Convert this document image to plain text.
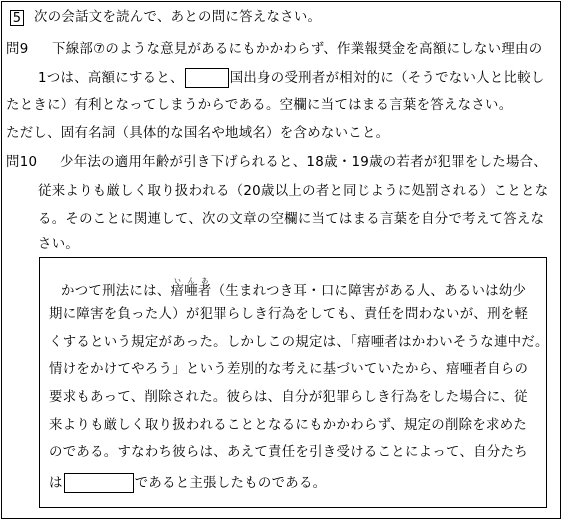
5 次の会話文を読んで、あとの問に答えなさい。
問9 下線部⑦のような意見があるにもかかわらず、作業報奨金を高額にしない理由の
1つは、高額にすると、	国出身の受刑者が相対的に（そうでない人と比較し
たときに）有利となってしまうからである。空欄に当てはまる言葉を答えなさい。
ただし、固有名詞（具体的な国名や地域名）を含めないこと。
問10 少年法の適用年齢が引き下げられると、18歳・19歳の若者が犯罪をした場合、
従来よりも厳しく取り扱われる（20歳以上の者と同じように処罰される）こととな
る。そのことに関連して、次の文章の空欄に当てはまる言葉を自分で考えて答えな
さい。
かつて刑法には、瘖唖者いんあ（生まれつき耳・口に障害がある人、あるいは幼少
期に障害を負った人）が犯罪らしき行為をしても、責任を問わないが、刑を軽
くするという規定があった。しかしこの規定は、「瘖唖者はかわいそうな連中だ。
情けをかけてやろう」という差別的な考えに基づいていたから、瘖唖者自らの
要求もあって、削除された。彼らは、自分が犯罪らしき行為をした場合に、従
来よりも厳しく取り扱われることとなるにもかかわらず、規定の削除を求めた
のである。すなわち彼らは、あえて責任を引き受けることによって、自分たち
は	であると主張したものである。
